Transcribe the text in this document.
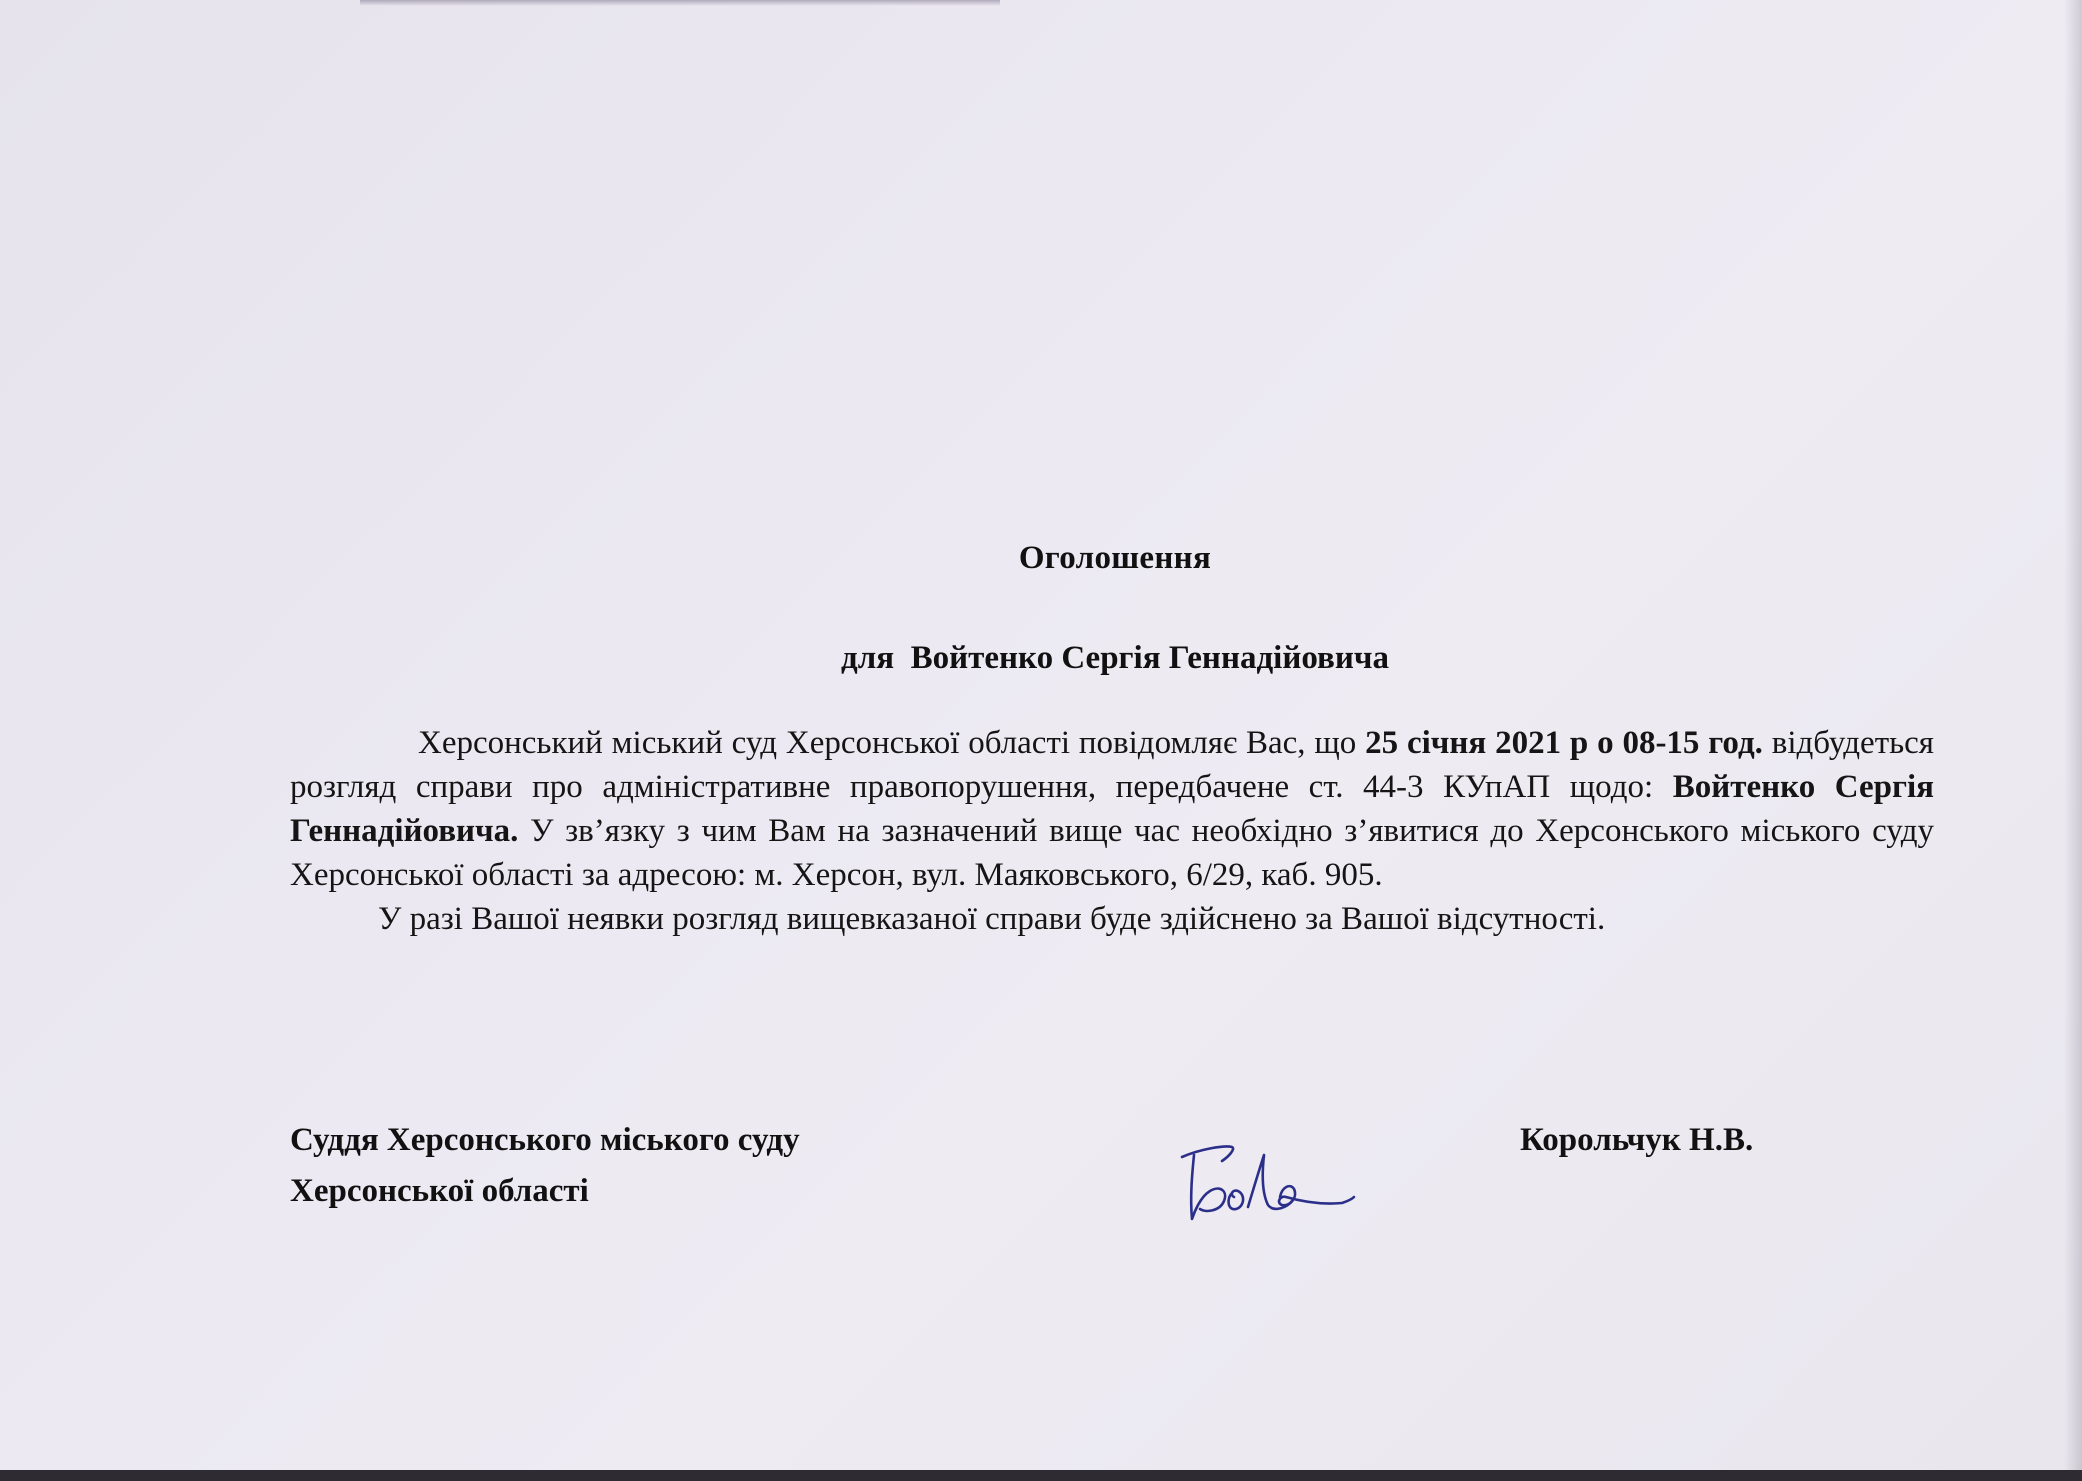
Оголошення
для  Войтенко Сергія Геннадійовича

Херсонський міський суд Херсонської області повідомляє Вас, що 25 січня 2021 р о 08-15 год. відбудеться розгляд справи про адміністративне правопорушення, передбачене ст. 44-3 КУпАП щодо: Войтенко Сергія Геннадійовича. У зв’язку з чим Вам на зазначений вище час необхідно з’явитися до Херсонського міського суду Херсонської області за адресою: м. Херсон, вул. Маяковського, 6/29, каб. 905.

У разі Вашої неявки розгляд вищевказаної справи буде здійснено за Вашої відсутності.

Суддя Херсонського міського суду
Херсонської області
Корольчук Н.В.
